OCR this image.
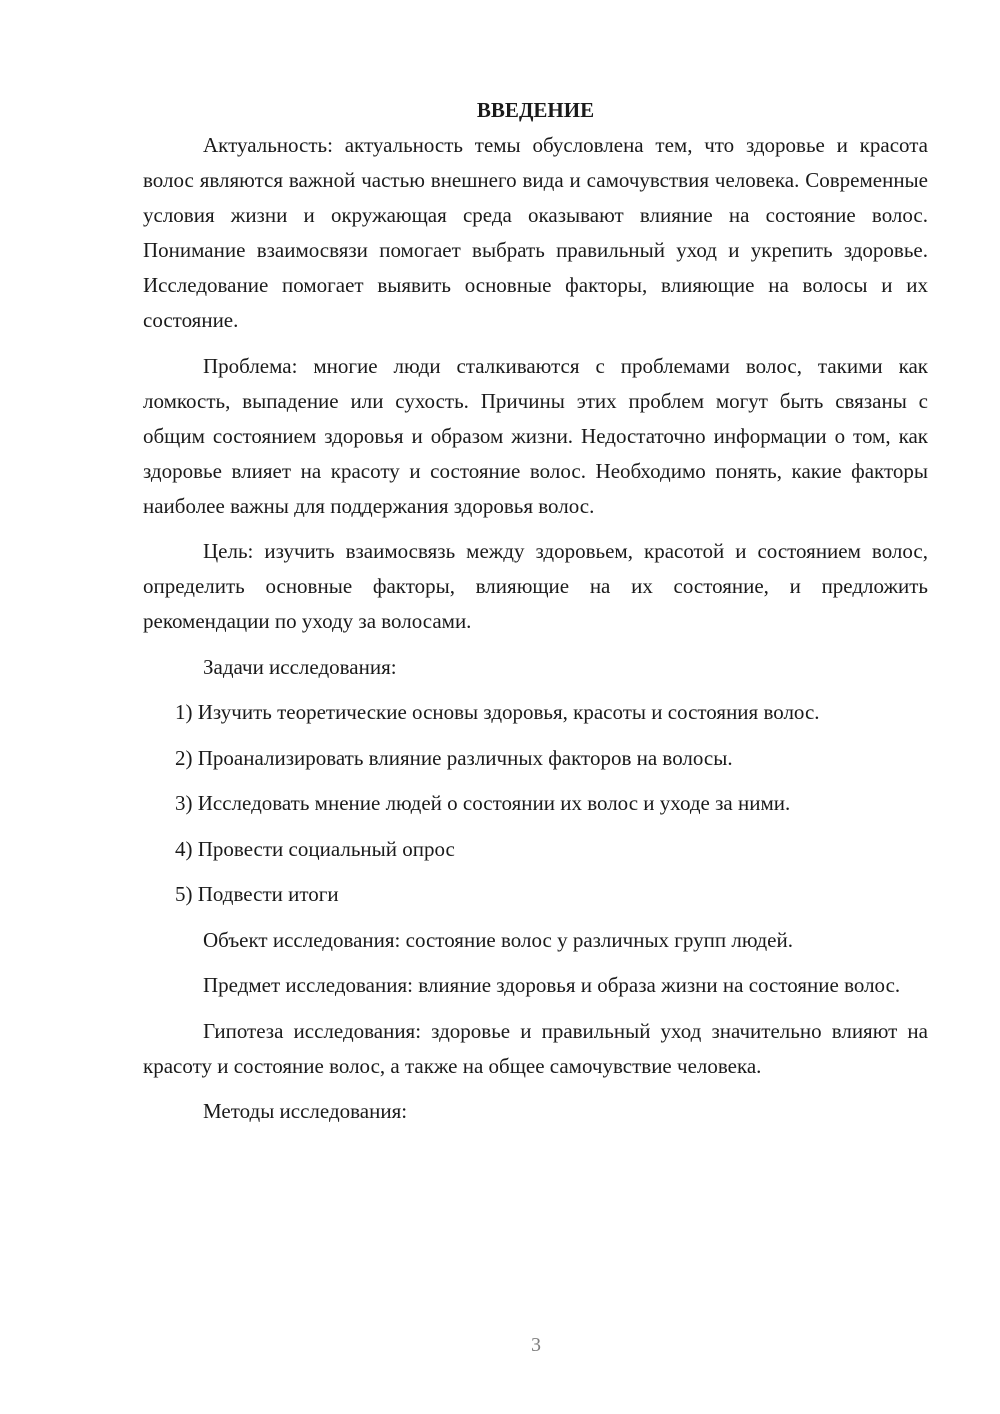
ВВЕДЕНИЕ

Актуальность: актуальность темы обусловлена тем, что здоровье и красота волос являются важной частью внешнего вида и самочувствия человека. Современные условия жизни и окружающая среда оказывают влияние на состояние волос. Понимание взаимосвязи помогает выбрать правильный уход и укрепить здоровье. Исследование помогает выявить основные факторы, влияющие на волосы и их состояние.

Проблема: многие люди сталкиваются с проблемами волос, такими как ломкость, выпадение или сухость. Причины этих проблем могут быть связаны с общим состоянием здоровья и образом жизни. Недостаточно информации о том, как здоровье влияет на красоту и состояние волос. Необходимо понять, какие факторы наиболее важны для поддержания здоровья волос.

Цель: изучить взаимосвязь между здоровьем, красотой и состоянием волос, определить основные факторы, влияющие на их состояние, и предложить рекомендации по уходу за волосами.

Задачи исследования:

1) Изучить теоретические основы здоровья, красоты и состояния волос.

2) Проанализировать влияние различных факторов на волосы.

3) Исследовать мнение людей о состоянии их волос и уходе за ними.

4) Провести социальный опрос

5) Подвести итоги

Объект исследования: состояние волос у различных групп людей.

Предмет исследования: влияние здоровья и образа жизни на состояние волос.

Гипотеза исследования: здоровье и правильный уход значительно влияют на красоту и состояние волос, а также на общее самочувствие человека.

Методы исследования:

3
